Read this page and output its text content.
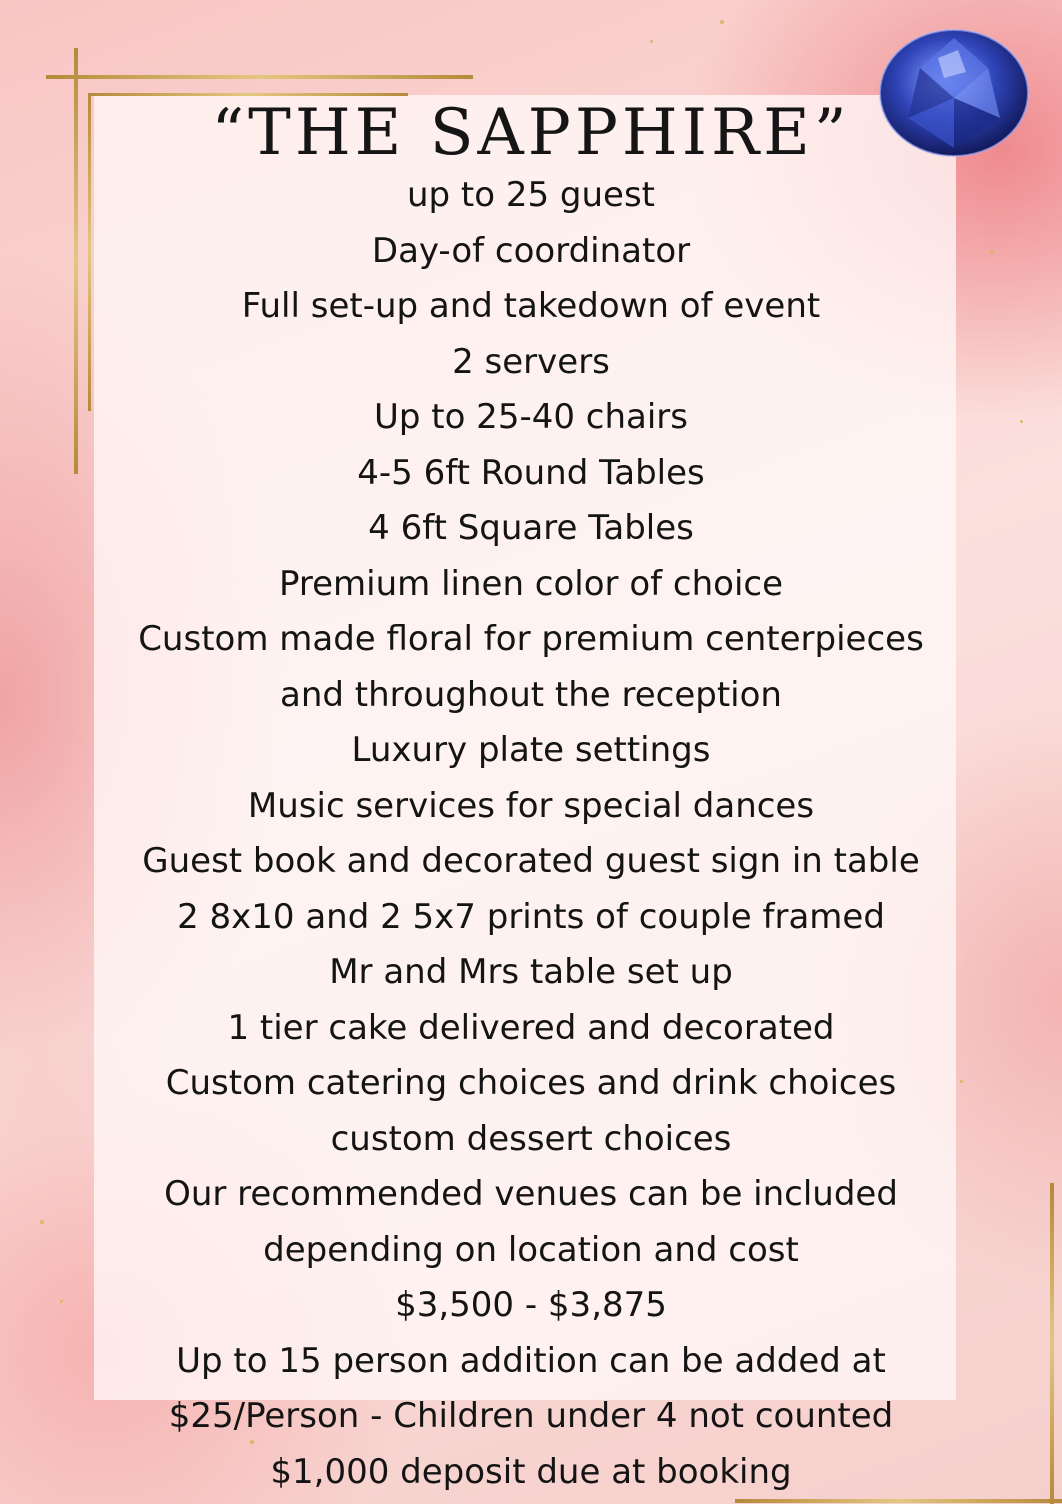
“THE SAPPHIRE”
up to 25 guest
Day-of coordinator
Full set-up and takedown of event
2 servers
Up to 25-40 chairs
4-5 6ft Round Tables
4 6ft Square Tables
Premium linen color of choice
Custom made floral for premium centerpieces
and throughout the reception
Luxury plate settings
Music services for special dances
Guest book and decorated guest sign in table
2 8x10 and 2 5x7 prints of couple framed
Mr and Mrs table set up
1 tier cake delivered and decorated
Custom catering choices and drink choices
custom dessert choices
Our recommended venues can be included
depending on location and cost
$3,500 - $3,875
Up to 15 person addition can be added at
$25/Person - Children under 4 not counted
$1,000 deposit due at booking
